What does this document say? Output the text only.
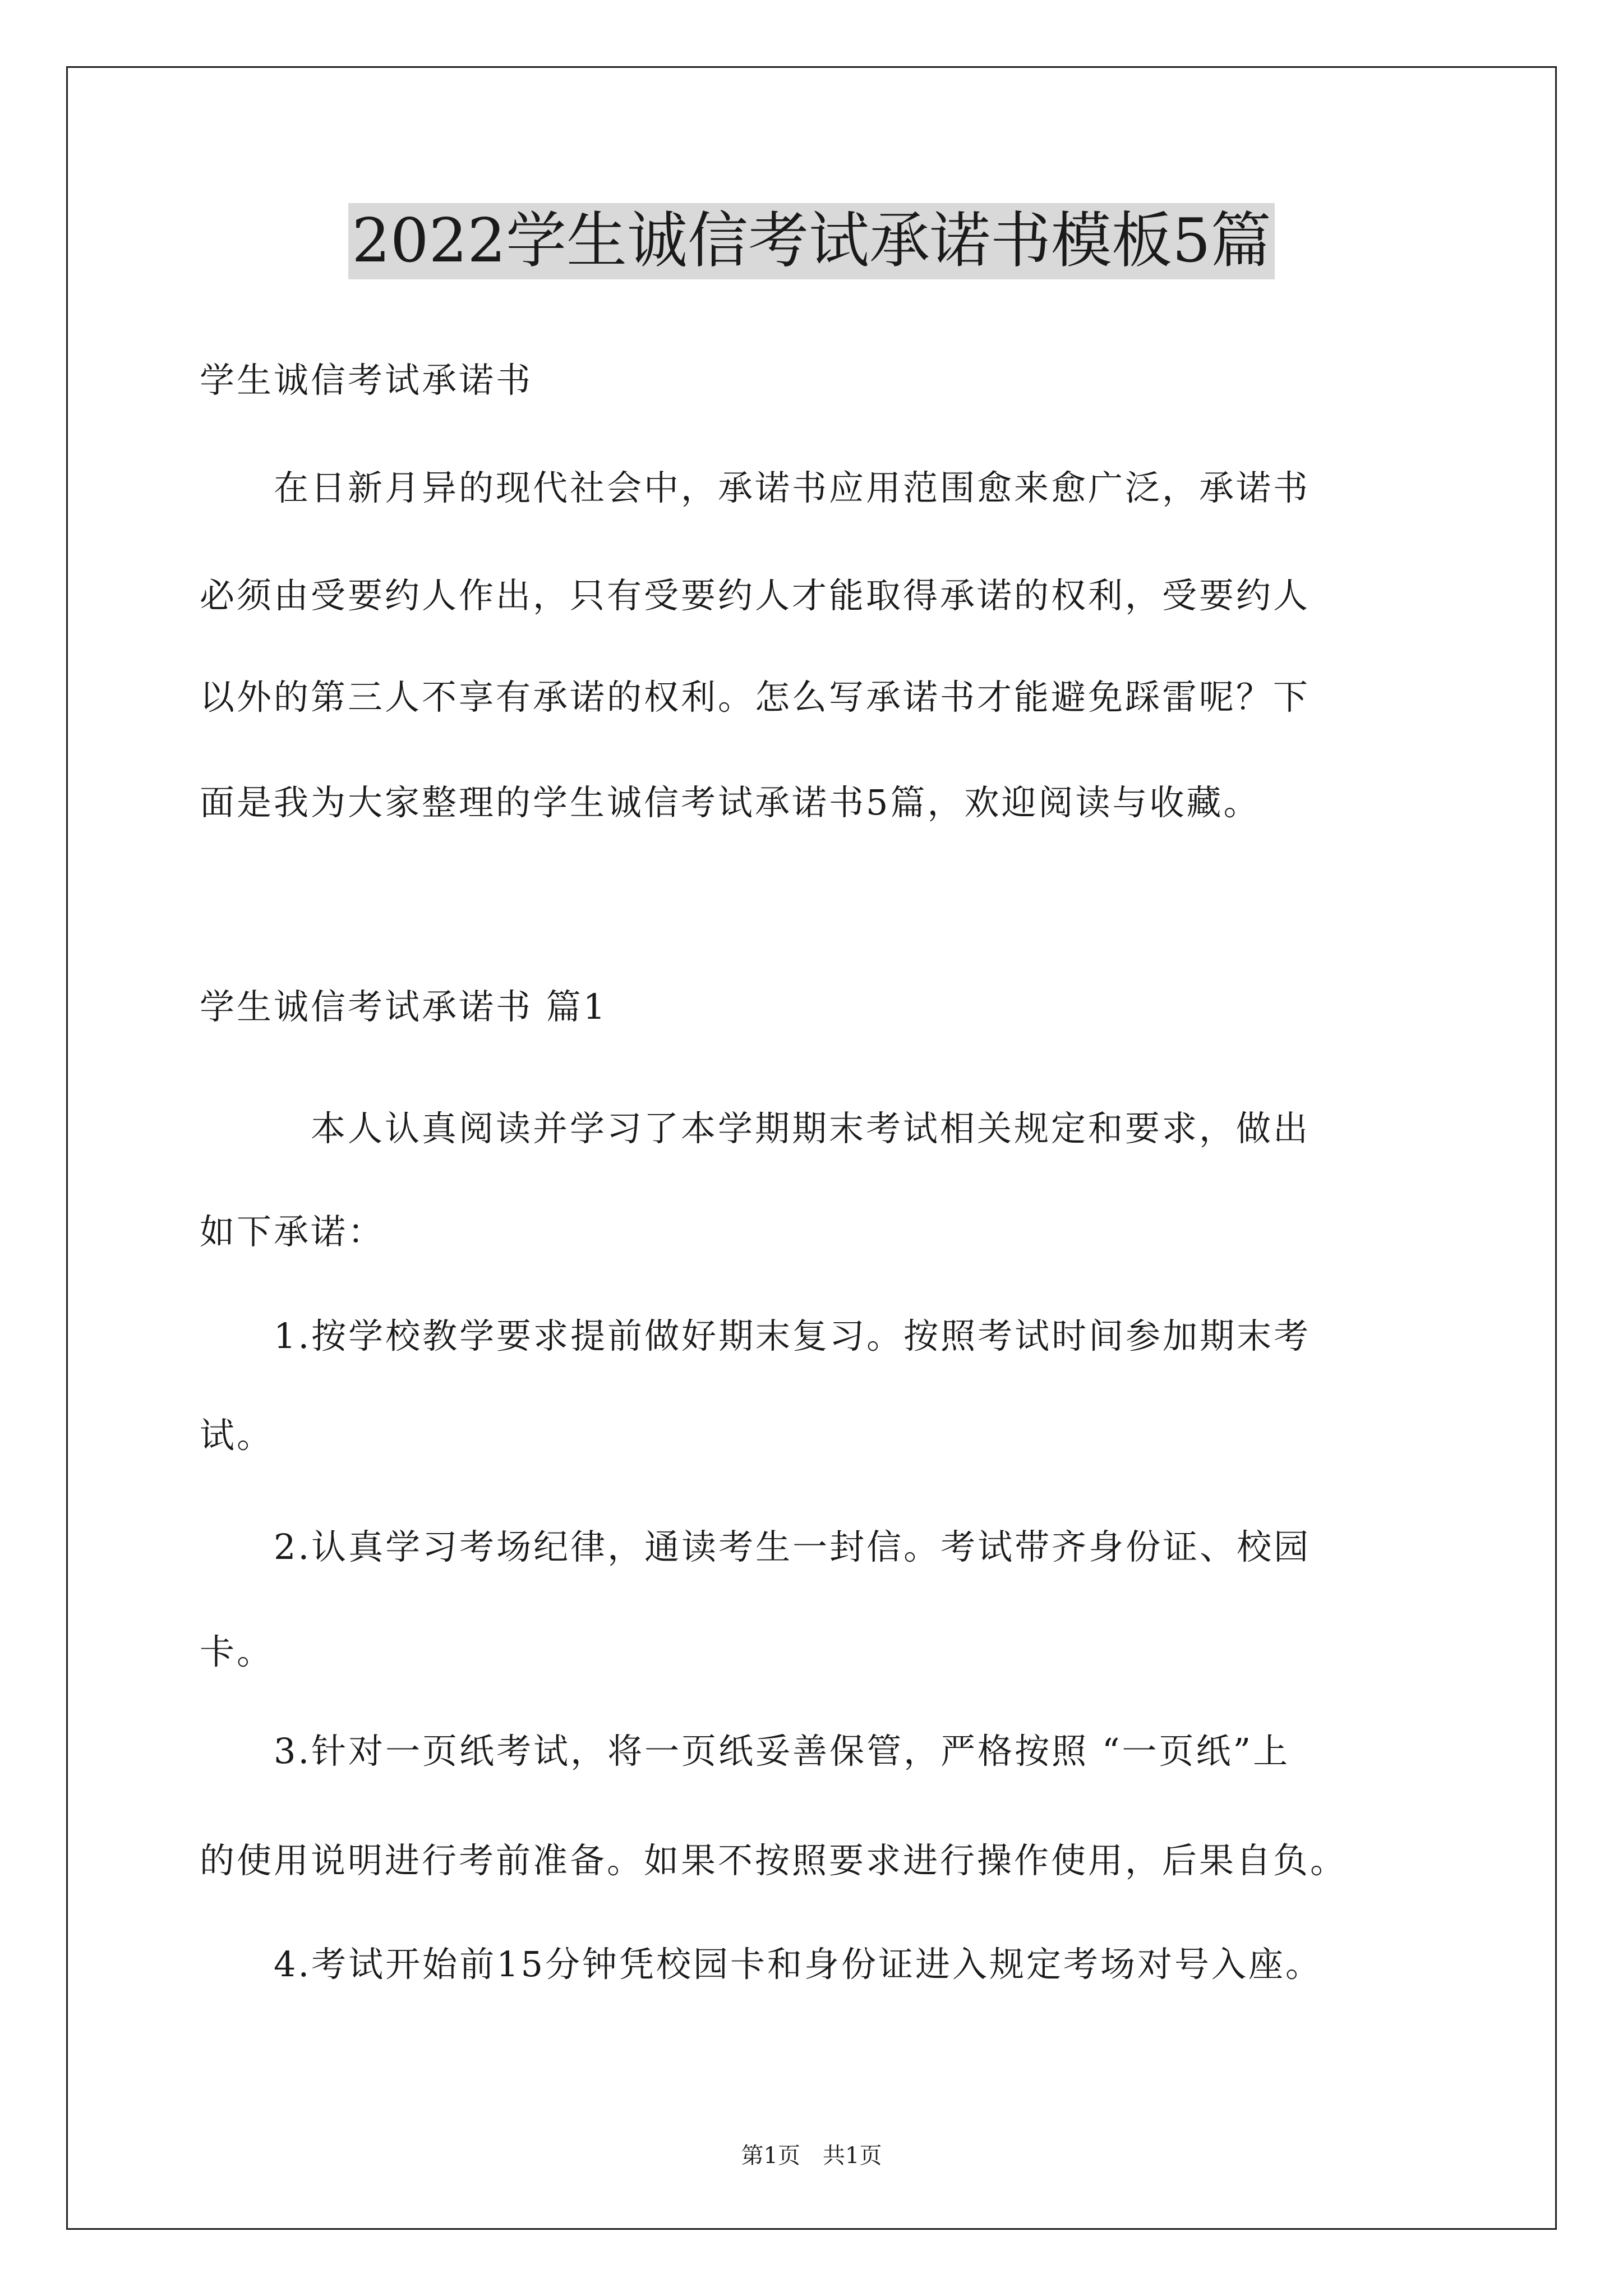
2022学生诚信考试承诺书模板5篇
学生诚信考试承诺书
　　在日新月异的现代社会中，承诺书应用范围愈来愈广泛，承诺书
必须由受要约人作出，只有受要约人才能取得承诺的权利，受要约人
以外的第三人不享有承诺的权利。怎么写承诺书才能避免踩雷呢？下
面是我为大家整理的学生诚信考试承诺书5篇，欢迎阅读与收藏。
学生诚信考试承诺书 篇1
　　　本人认真阅读并学习了本学期期末考试相关规定和要求，做出
如下承诺：
　　1.按学校教学要求提前做好期末复习。按照考试时间参加期末考
试。
　　2.认真学习考场纪律，通读考生一封信。考试带齐身份证、校园
卡。
　　3.针对一页纸考试，将一页纸妥善保管，严格按照 “一页纸”上
的使用说明进行考前准备。如果不按照要求进行操作使用，后果自负。
　　4.考试开始前15分钟凭校园卡和身份证进入规定考场对号入座。
第1页　共1页
